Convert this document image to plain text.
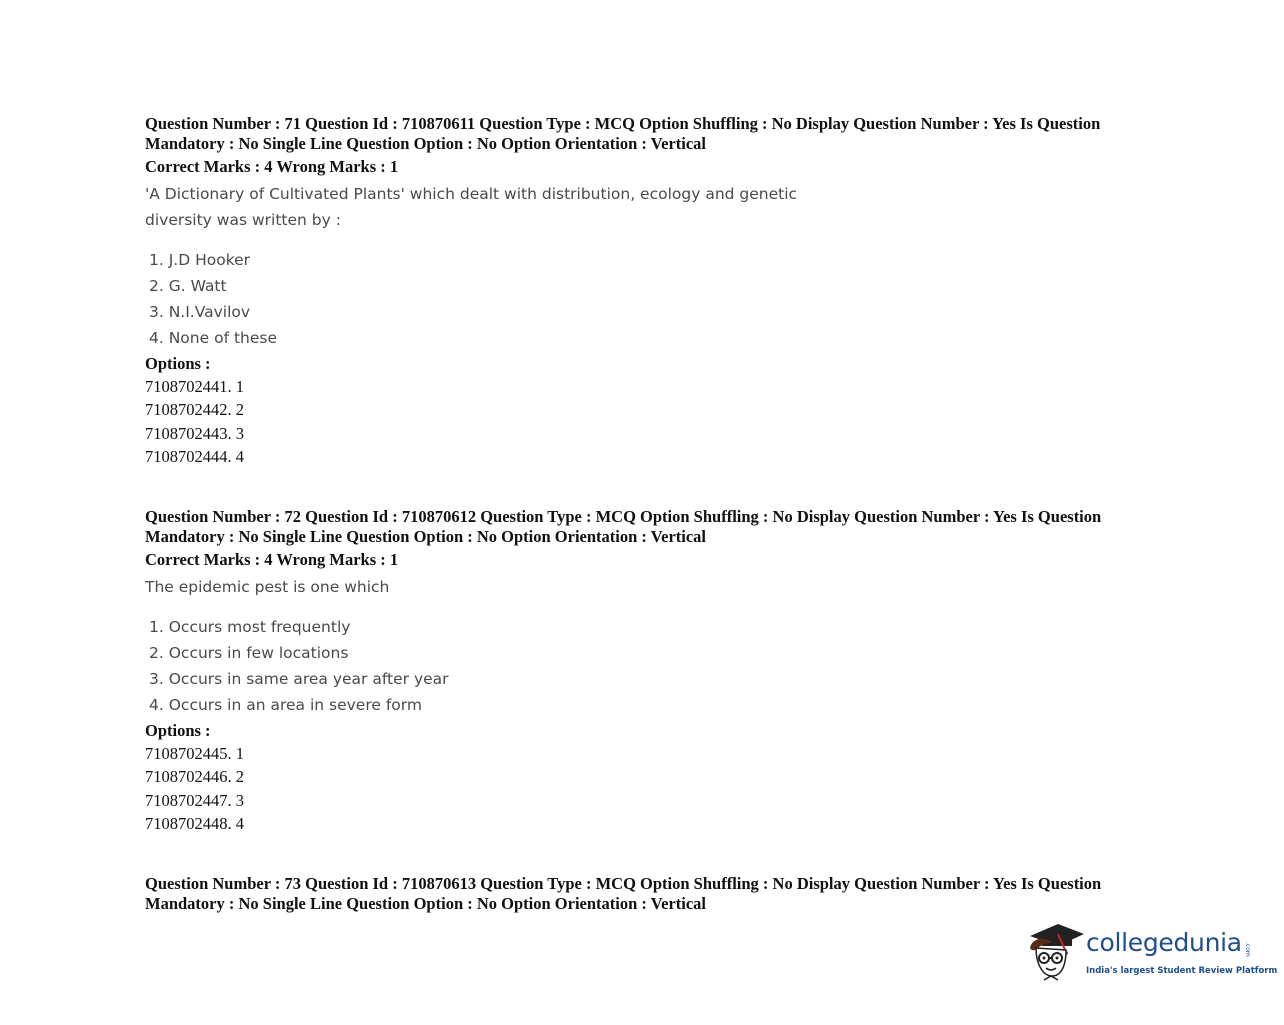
Question Number : 71 Question Id : 710870611 Question Type : MCQ Option Shuffling : No Display Question Number : Yes Is Question
Mandatory : No Single Line Question Option : No Option Orientation : Vertical
Correct Marks : 4 Wrong Marks : 1
'A Dictionary of Cultivated Plants' which dealt with distribution, ecology and genetic diversity was written by :
1. J.D Hooker
2. G. Watt
3. N.I.Vavilov
4. None of these
Options :
7108702441. 1
7108702442. 2
7108702443. 3
7108702444. 4
Question Number : 72 Question Id : 710870612 Question Type : MCQ Option Shuffling : No Display Question Number : Yes Is Question
Mandatory : No Single Line Question Option : No Option Orientation : Vertical
Correct Marks : 4 Wrong Marks : 1
The epidemic pest is one which
1. Occurs most frequently
2. Occurs in few locations
3. Occurs in same area year after year
4. Occurs in an area in severe form
Options :
7108702445. 1
7108702446. 2
7108702447. 3
7108702448. 4
Question Number : 73 Question Id : 710870613 Question Type : MCQ Option Shuffling : No Display Question Number : Yes Is Question
Mandatory : No Single Line Question Option : No Option Orientation : Vertical
collegedunia .com
India's largest Student Review Platform
